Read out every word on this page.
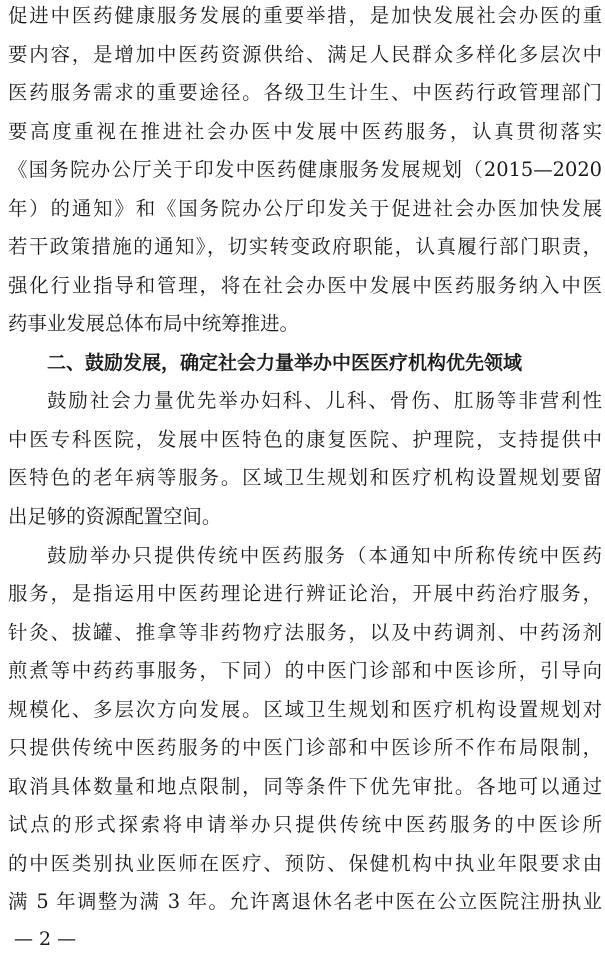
促进中医药健康服务发展的重要举措，是加快发展社会办医的重
要内容，是增加中医药资源供给、满足人民群众多样化多层次中
医药服务需求的重要途径。各级卫生计生、中医药行政管理部门
要高度重视在推进社会办医中发展中医药服务，认真贯彻落实
《国务院办公厅关于印发中医药健康服务发展规划（2015—2020
年）的通知》和《国务院办公厅印发关于促进社会办医加快发展
若干政策措施的通知》，切实转变政府职能，认真履行部门职责，
强化行业指导和管理，将在社会办医中发展中医药服务纳入中医
药事业发展总体布局中统筹推进。
二、鼓励发展，确定社会力量举办中医医疗机构优先领域
鼓励社会力量优先举办妇科、儿科、骨伤、肛肠等非营利性
中医专科医院，发展中医特色的康复医院、护理院，支持提供中
医特色的老年病等服务。区域卫生规划和医疗机构设置规划要留
出足够的资源配置空间。
鼓励举办只提供传统中医药服务（本通知中所称传统中医药
服务，是指运用中医药理论进行辨证论治，开展中药治疗服务，
针灸、拔罐、推拿等非药物疗法服务，以及中药调剂、中药汤剂
煎煮等中药药事服务，下同）的中医门诊部和中医诊所，引导向
规模化、多层次方向发展。区域卫生规划和医疗机构设置规划对
只提供传统中医药服务的中医门诊部和中医诊所不作布局限制，
取消具体数量和地点限制，同等条件下优先审批。各地可以通过
试点的形式探索将申请举办只提供传统中医药服务的中医诊所
的中医类别执业医师在医疗、预防、保健机构中执业年限要求由
满 5 年调整为满 3 年。允许离退休名老中医在公立医院注册执业
— 2 —
